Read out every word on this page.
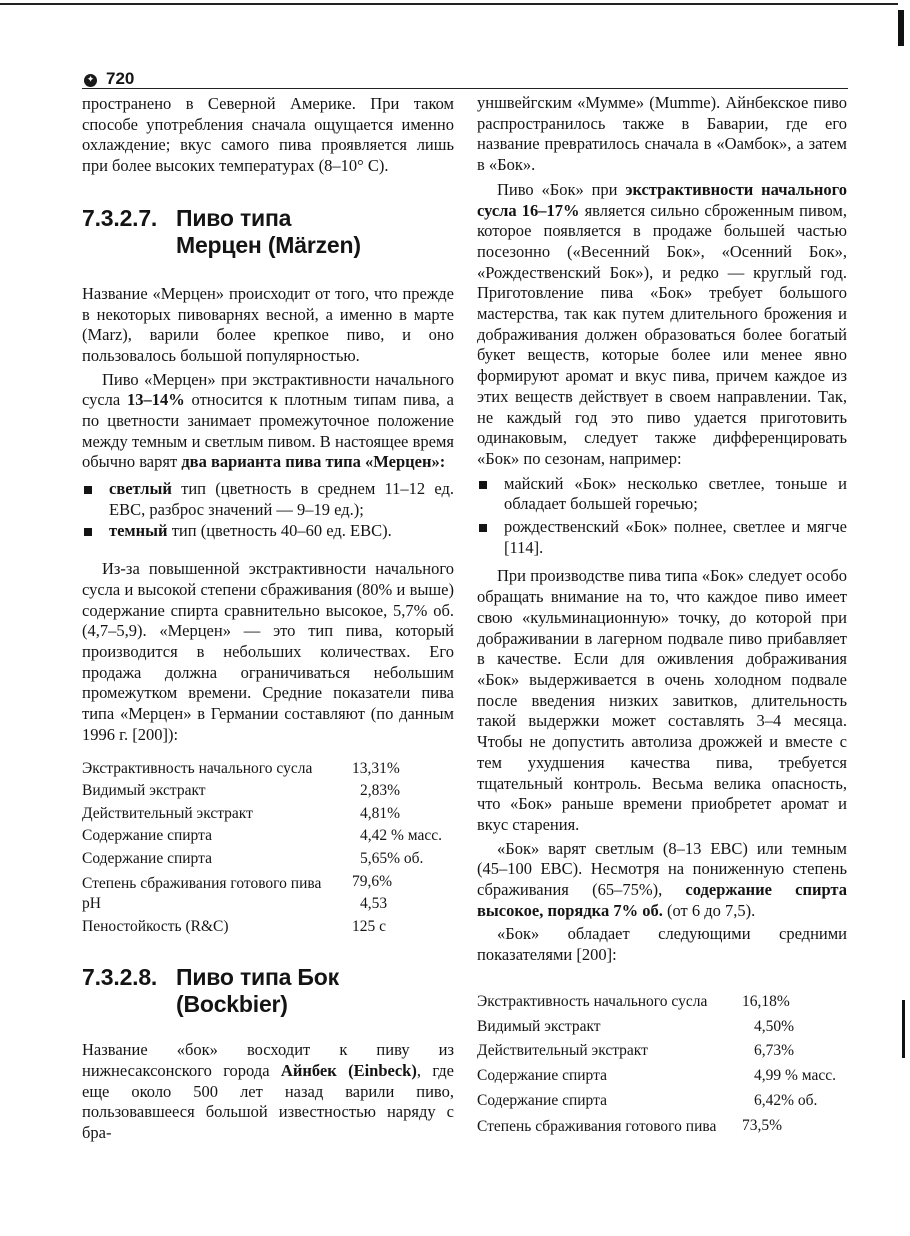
✦ 720

пространено в Северной Америке. При таком способе употребления сначала ощущается именно охлаждение; вкус самого пива проявляется лишь при более высоких температурах (8–10° С).

7.3.2.7. Пиво типа
Мерцен (Märzen)

Название «Мерцен» происходит от того, что прежде в некоторых пивоварнях весной, а именно в марте (Marz), варили более крепкое пиво, и оно пользовалось большой популярностью.

Пиво «Мерцен» при экстрактивности начального сусла 13–14% относится к плотным типам пива, а по цветности занимает промежуточное положение между темным и светлым пивом. В настоящее время обычно варят два варианта пива типа «Мерцен»:

светлый тип (цветность в среднем 11–12 ед. EBC, разброс значений — 9–19 ед.);
темный тип (цветность 40–60 ед. EBC).

Из-за повышенной экстрактивности начального сусла и высокой степени сбраживания (80% и выше) содержание спирта сравнительно высокое, 5,7% об. (4,7–5,9). «Мерцен» — это тип пива, который производится в небольших количествах. Его продажа должна ограничиваться небольшим промежутком времени. Средние показатели пива типа «Мерцен» в Германии составляют (по данным 1996 г. [200]):

Экстрактивность начального сусла	13,31%
Видимый экстракт	2,83%
Действительный экстракт	4,81%
Содержание спирта	4,42 % масс.
Содержание спирта	5,65% об.
Степень сбраживания готового пива	79,6%
pH	4,53
Пеностойкость (R&C)	125 с
7.3.2.8. Пиво типа Бок
(Bockbier)

Название «бок» восходит к пиву из нижнесаксонского города Айнбек (Einbeck), где еще около 500 лет назад варили пиво, пользовавшееся большой известностью наряду с бра-

уншвейгским «Мумме» (Mumme). Айнбекское пиво распространилось также в Баварии, где его название превратилось сначала в «Оамбок», а затем в «Бок».

Пиво «Бок» при экстрактивности начального сусла 16–17% является сильно сброженным пивом, которое появляется в продаже большей частью посезонно («Весенний Бок», «Осенний Бок», «Рождественский Бок»), и редко — круглый год. Приготовление пива «Бок» требует большого мастерства, так как путем длительного брожения и дображивания должен образоваться более богатый букет веществ, которые более или менее явно формируют аромат и вкус пива, причем каждое из этих веществ действует в своем направлении. Так, не каждый год это пиво удается приготовить одинаковым, следует также дифференцировать «Бок» по сезонам, например:

майский «Бок» несколько светлее, тоньше и обладает большей горечью;
рождественский «Бок» полнее, светлее и мягче [114].

При производстве пива типа «Бок» следует особо обращать внимание на то, что каждое пиво имеет свою «кульминационную» точку, до которой при дображивании в лагерном подвале пиво прибавляет в качестве. Если для оживления дображивания «Бок» выдерживается в очень холодном подвале после введения низких завитков, длительность такой выдержки может составлять 3–4 месяца. Чтобы не допустить автолиза дрожжей и вместе с тем ухудшения качества пива, требуется тщательный контроль. Весьма велика опасность, что «Бок» раньше времени приобретет аромат и вкус старения.

«Бок» варят светлым (8–13 EBC) или темным (45–100 EBC). Несмотря на пониженную степень сбраживания (65–75%), содержание спирта высокое, порядка 7% об. (от 6 до 7,5).

«Бок» обладает следующими средними показателями [200]:

Экстрактивность начального сусла	16,18%
Видимый экстракт	4,50%
Действительный экстракт	6,73%
Содержание спирта	4,99 % масс.
Содержание спирта	6,42% об.
Степень сбраживания готового пива	73,5%
